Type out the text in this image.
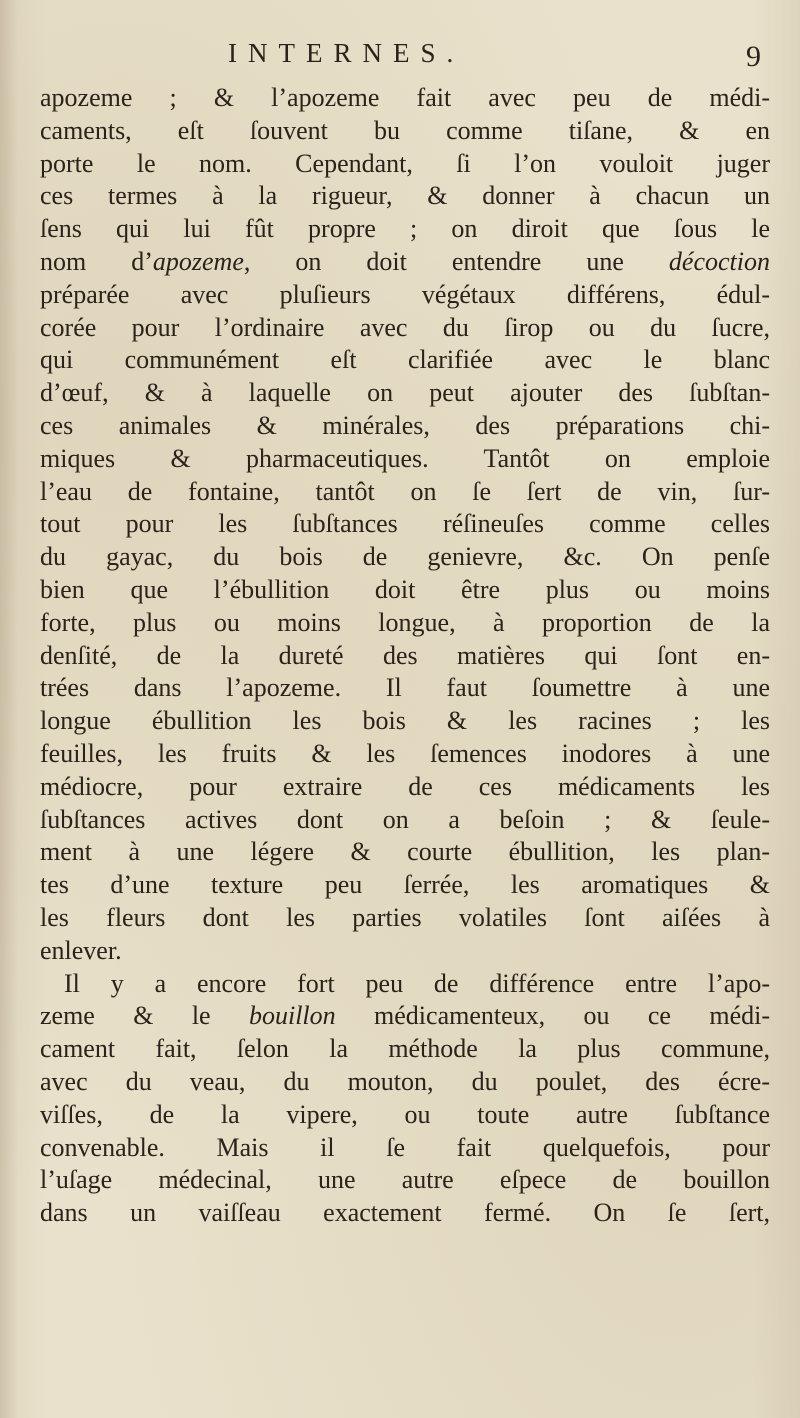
INTERNES.	9
apozeme ; & l’apozeme fait avec peu de médi-
caments, eſt ſouvent bu comme tiſane, & en
porte le nom. Cependant, ſi l’on vouloit juger
ces termes à la rigueur, & donner à chacun un
ſens qui lui fût propre ; on diroit que ſous le
nom d’apozeme, on doit entendre une décoction
préparée avec pluſieurs végétaux différens, édul-
corée pour l’ordinaire avec du ſirop ou du ſucre,
qui communément eſt clarifiée avec le blanc
d’œuf, & à laquelle on peut ajouter des ſubſtan-
ces animales & minérales, des préparations chi-
miques & pharmaceutiques. Tantôt on emploie
l’eau de fontaine, tantôt on ſe ſert de vin, ſur-
tout pour les ſubſtances réſineuſes comme celles
du gayac, du bois de genievre, &c. On penſe
bien que l’ébullition doit être plus ou moins
forte, plus ou moins longue, à proportion de la
denſité, de la dureté des matières qui ſont en-
trées dans l’apozeme. Il faut ſoumettre à une
longue ébullition les bois & les racines ; les
feuilles, les fruits & les ſemences inodores à une
médiocre, pour extraire de ces médicaments les
ſubſtances actives dont on a beſoin ; & ſeule-
ment à une légere & courte ébullition, les plan-
tes d’une texture peu ſerrée, les aromatiques &
les fleurs dont les parties volatiles ſont aiſées à
enlever.
Il y a encore fort peu de différence entre l’apo-
zeme & le bouillon médicamenteux, ou ce médi-
cament fait, ſelon la méthode la plus commune,
avec du veau, du mouton, du poulet, des écre-
viſſes, de la vipere, ou toute autre ſubſtance
convenable. Mais il ſe fait quelquefois, pour
l’uſage médecinal, une autre eſpece de bouillon
dans un vaiſſeau exactement fermé. On ſe ſert,
